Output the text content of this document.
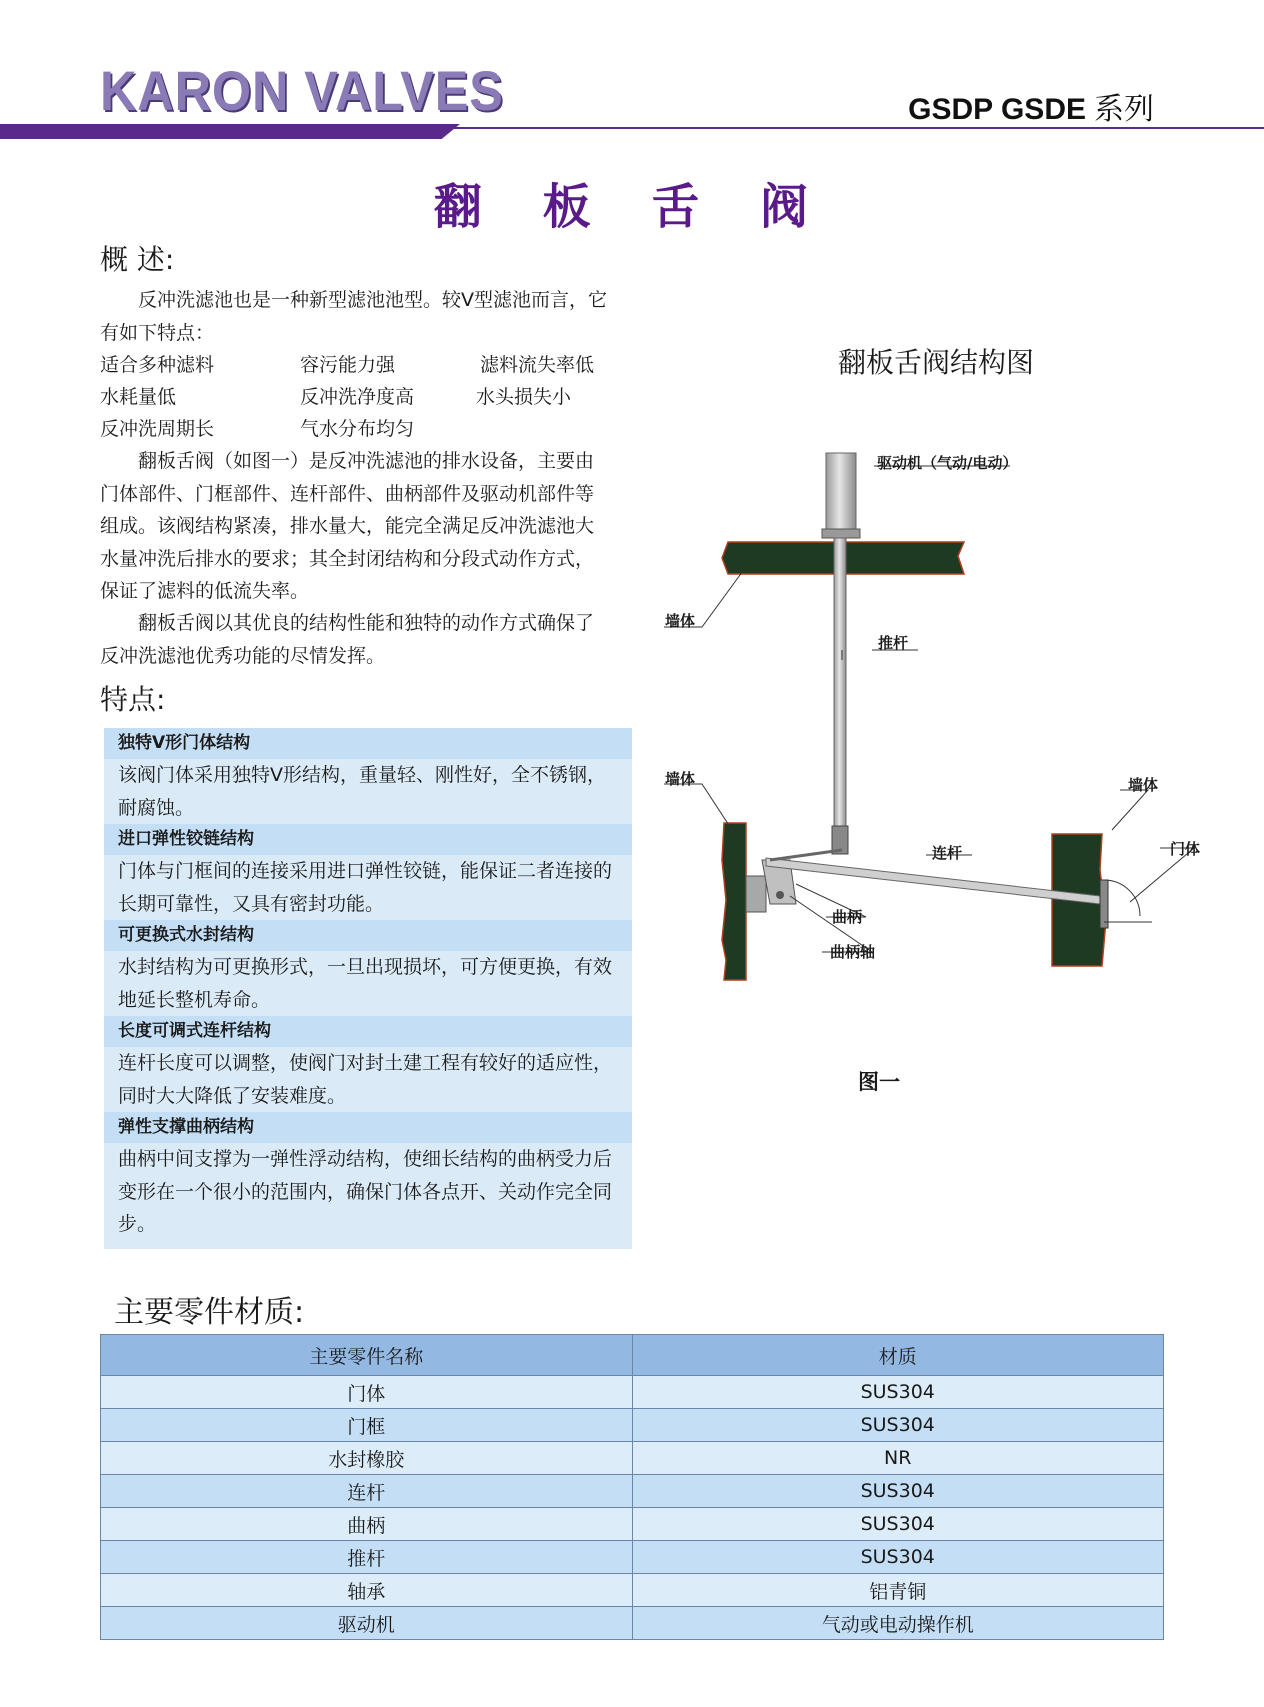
KARON VALVES	GSDP GSDE 系列
翻 板 舌 阀
概 述:
反冲洗滤池也是一种新型滤池池型。较V型滤池而言，它有如下特点：
适合多种滤料	容污能力强	滤料流失率低
水耗量低	反冲洗净度高	水头损失小
反冲洗周期长	气水分布均匀
翻板舌阀（如图一）是反冲洗滤池的排水设备，主要由门体部件、门框部件、连杆部件、曲柄部件及驱动机部件等组成。该阀结构紧凑，排水量大，能完全满足反冲洗滤池大水量冲洗后排水的要求；其全封闭结构和分段式动作方式，保证了滤料的低流失率。
翻板舌阀以其优良的结构性能和独特的动作方式确保了反冲洗滤池优秀功能的尽情发挥。
特点:
独特V形门体结构
该阀门体采用独特V形结构，重量轻、刚性好，全不锈钢，耐腐蚀。
进口弹性铰链结构
门体与门框间的连接采用进口弹性铰链，能保证二者连接的长期可靠性，又具有密封功能。
可更换式水封结构
水封结构为可更换形式，一旦出现损坏，可方便更换，有效地延长整机寿命。
长度可调式连杆结构
连杆长度可以调整，使阀门对封土建工程有较好的适应性，同时大大降低了安装难度。
弹性支撑曲柄结构
曲柄中间支撑为一弹性浮动结构，使细长结构的曲柄受力后变形在一个很小的范围内，确保门体各点开、关动作完全同步。
翻板舌阀结构图
驱动机（气动/电动）
墙体
推杆
墙体	墙体
连杆	门体
曲柄
曲柄轴
图一
主要零件材质:
主要零件名称	材质
门体	SUS304
门框	SUS304
水封橡胶	NR
连杆	SUS304
曲柄	SUS304
推杆	SUS304
轴承	铝青铜
驱动机	气动或电动操作机
